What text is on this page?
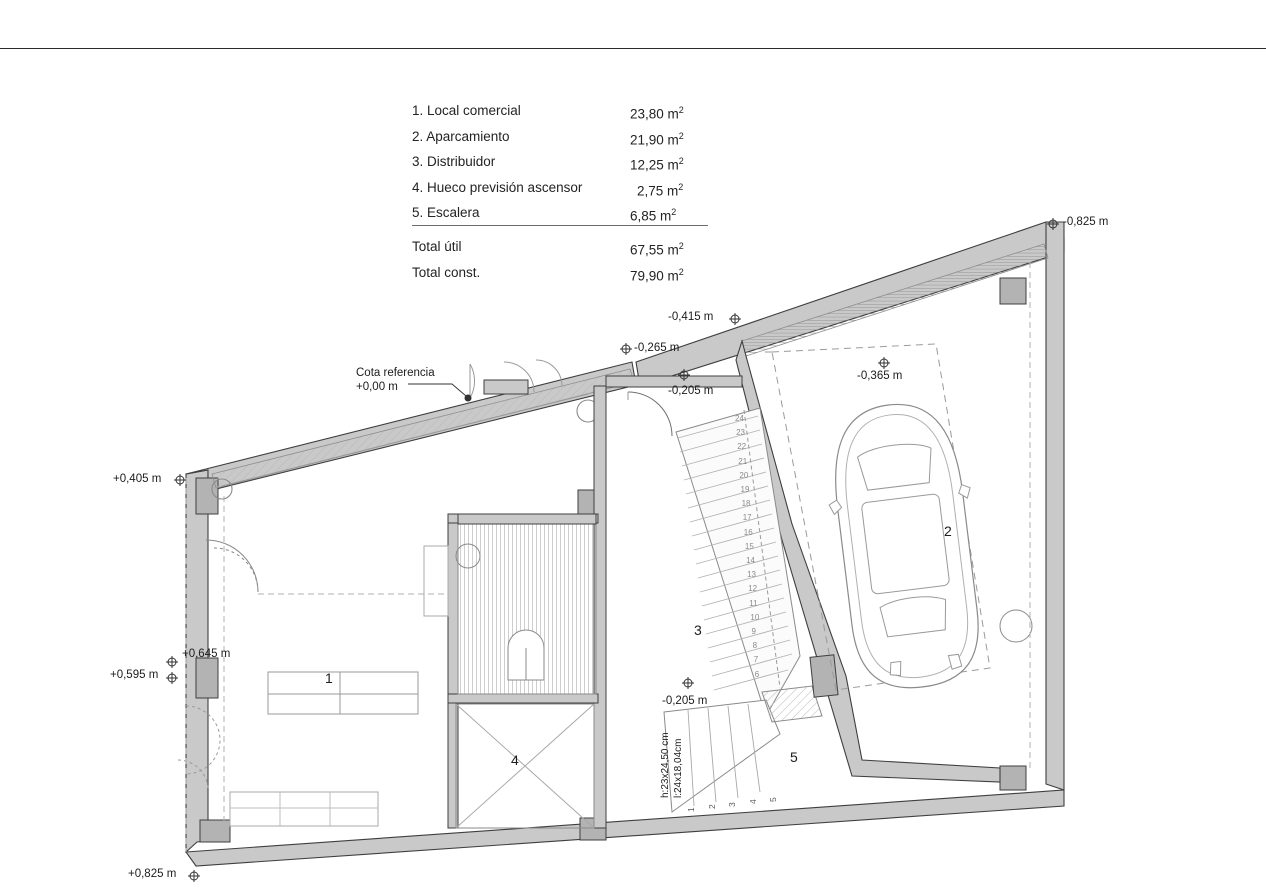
1. Local comercial	23,80 $m^2$
2. Aparcamiento	21,90 $m^2$
3. Distribuidor	12,25 $m^2$
4. Hueco previsión ascensor	2,75 $m^2$
5. Escalera	6,85 $m^2$
Total útil	67,55 $m^2$
Total const.	79,90 $m^2$
-0,825 m
-0,415 m
-0,265 m
-0,205 m
-0,365 m
+0,405 m
+0,645 m
+0,595 m
+0,825 m
-0,205 m
Cota referencia
+0,00 m
h:23x24,50 cm l:24x18,04cm
1
2
3
4	5
24
23
22
21
20
19
18
17
16
15
14
13
12
11
10
9
8
7
6
1
2
3
4
5
